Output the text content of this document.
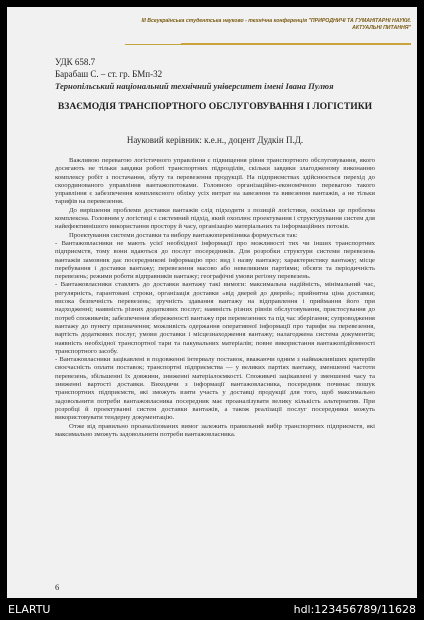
III Всеукраїнська студентська науково - технічна конференція "ПРИРОДНИЧІ ТА ГУМАНІТАРНІ НАУКИ.
АКТУАЛЬНІ ПИТАННЯ"
УДК 658.7
Барабаш С. – ст. гр. БМп-32
Тернопільський національний технічний університет імені Івана Пулюя
ВЗАЄМОДІЯ ТРАНСПОРТНОГО ОБСЛУГОВУВАННЯ І ЛОГІСТИКИ
Науковий керівник: к.е.н., доцент Дудкін П.Д.

Важливою перевагою логістичного управління є підвищення рівня транспортного обслуговування, якого досягають не тільки завдяки роботі транспортних підрозділів, скільки завдяки злагодженому виконанню комплексу робіт з постачання, збуту та перевезення продукції. На підприємствах здійснюється перехід до скоординованого управління вантажопотоками. Головною організаційно-економічною перевагою такого управління є забезпечення комплексного обліку усіх витрат на завезення та вивезення вантажів, а не тільки тарифів на перевезення.

До вирішення проблеми доставки вантажів слід підходити з позицій логістики, оскільки це проблема комплексна. Головним у логістиці є системний підхід, який охоплює проектування і структурування систем для найефективнішого використання простору й часу, організацію матеріальних та інформаційних потоків.

Проектування системи доставки та вибору вантажоперевізника формується так:

- Вантажовласники не мають усієї необхідної інформації про можливості тих чи інших транспортних підприємств, тому вони вдаються до послуг посередників. Для розробки структури системи перевезень вантажів замовник дає посередникові інформацію про: вид і назву вантажу; характеристику вантажу; місце перебування і доставки вантажу; перевезення масово або невеликими партіями; обсяги та періодичність перевезень; режими роботи відправників вантажу; географічні умови регіону перевезень.

- Вантажовласники ставлять до доставки вантажу такі вимоги: максимальна надійність, мінімальний час, регулярність, гарантовані строки, організація доставки «від дверей до дверей»; прийнятна ціна доставки; висока безпечність перевезень; зручність здавання вантажу на відправлення і приймання його при надходженні; наявність різних додаткових послуг; наявність різних рівнів обслуговування, пристосування до потреб споживачів; забезпечення збереженості вантажу при перевезеннях та під час зберігання; супроводження вантажу до пункту призначення; можливість одержання оперативної інформації про тарифи на перевезення, вартість додаткових послуг, умови доставки і місцезнаходження вантажу; налагоджена система документів; наявність необхідної транспортної тари та пакувальних матеріалів; повне використання вантажопідйомності транспортного засобу.

- Вантажовласники зацікавлені в подовженні інтервалу поставок, вважаючи одним з найважливіших критеріїв своєчасність оплати поставок; транспортні підприємства — у великих партіях вантажу, зменшенні частоти перевезень, збільшенні їх довжини, зниженні матеріалоємкості. Споживачі зацікавлені у зменшенні часу та зниженні вартості доставки. Виходячи з інформації вантажовласника, посередник починає пошук транспортних підприємств, які зможуть взяти участь у доставці продукції для того, щоб максимально задовольнити потреби вантажовласника посередник має проаналізувати велику кількість альтернатив. При розробці й проектуванні систем доставки вантажів, а також реалізації послуг посередники можуть використовувати тендерну документацію.

Отже від правильно проаналізованих вимог залежить правильний вибір транспортних підприємств, які максимально зможуть задовольнити потреби вантажовласника.

6
ELARTU	hdl:123456789/11628
